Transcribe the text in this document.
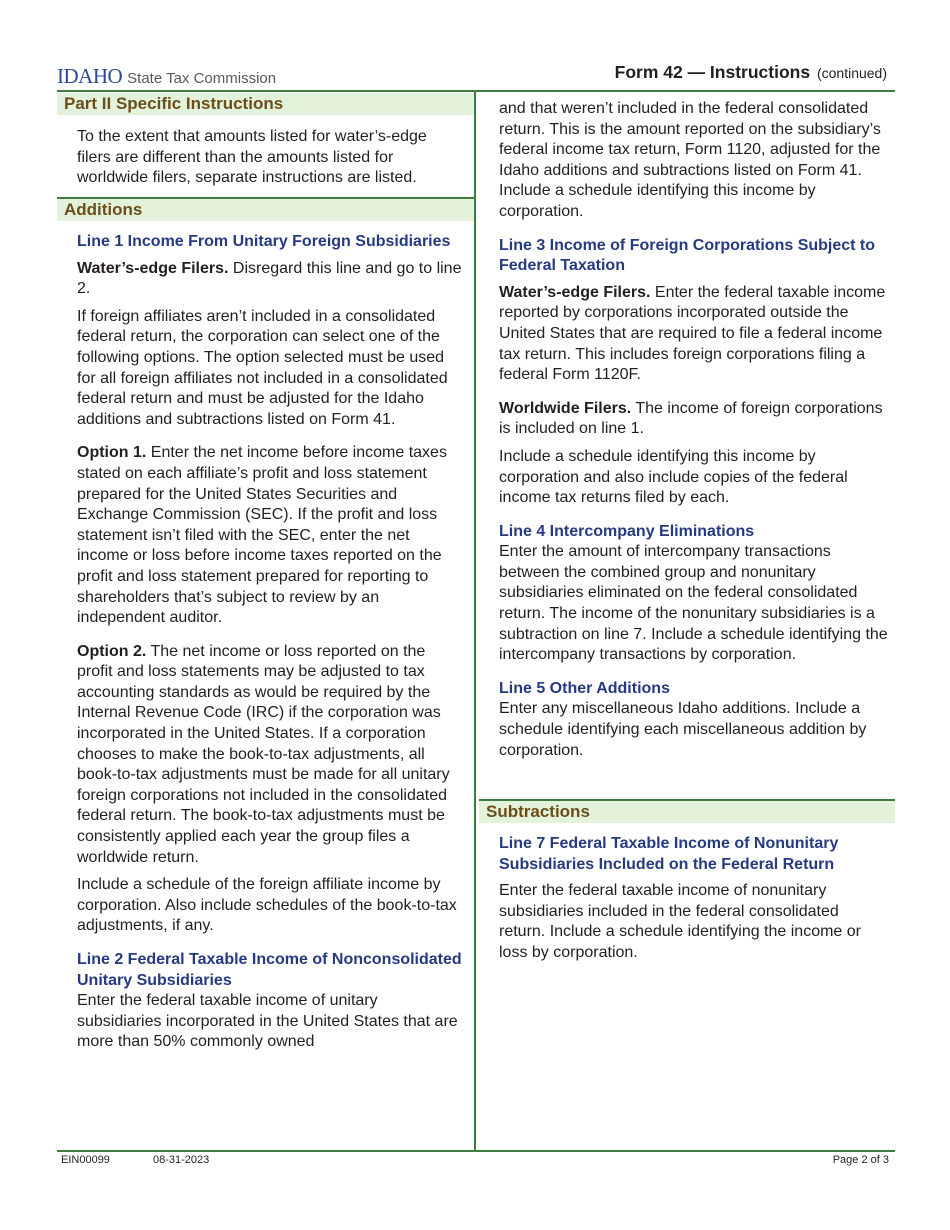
IDAHO State Tax Commission	Form 42 — Instructions (continued)
Part II Specific Instructions

To the extent that amounts listed for water’s-edge filers are different than the amounts listed for worldwide filers, separate instructions are listed.

Additions
Line 1 Income From Unitary Foreign Subsidiaries

Water’s-edge Filers. Disregard this line and go to line 2.

If foreign affiliates aren’t included in a consolidated federal return, the corporation can select one of the following options. The option selected must be used for all foreign affiliates not included in a consolidated federal return and must be adjusted for the Idaho additions and subtractions listed on Form 41.

Option 1. Enter the net income before income taxes stated on each affiliate’s profit and loss statement prepared for the United States Securities and Exchange Commission (SEC). If the profit and loss statement isn’t filed with the SEC, enter the net income or loss before income taxes reported on the profit and loss statement prepared for reporting to shareholders that’s subject to review by an independent auditor.

Option 2. The net income or loss reported on the profit and loss statements may be adjusted to tax accounting standards as would be required by the Internal Revenue Code (IRC) if the corporation was incorporated in the United States. If a corporation chooses to make the book-to-tax adjustments, all book-to-tax adjustments must be made for all unitary foreign corporations not included in the consolidated federal return. The book-to-tax adjustments must be consistently applied each year the group files a worldwide return.

Include a schedule of the foreign affiliate income by corporation. Also include schedules of the book-to-tax adjustments, if any.

Line 2 Federal Taxable Income of Nonconsolidated Unitary Subsidiaries

Enter the federal taxable income of unitary subsidiaries incorporated in the United States that are more than 50% commonly owned

and that weren’t included in the federal consolidated return. This is the amount reported on the subsidiary’s federal income tax return, Form 1120, adjusted for the Idaho additions and subtractions listed on Form 41. Include a schedule identifying this income by corporation.

Line 3 Income of Foreign Corporations Subject to Federal Taxation

Water’s-edge Filers. Enter the federal taxable income reported by corporations incorporated outside the United States that are required to file a federal income tax return. This includes foreign corporations filing a federal Form 1120F.

Worldwide Filers. The income of foreign corporations is included on line 1.

Include a schedule identifying this income by corporation and also include copies of the federal income tax returns filed by each.

Line 4 Intercompany Eliminations

Enter the amount of intercompany transactions between the combined group and nonunitary subsidiaries eliminated on the federal consolidated return. The income of the nonunitary subsidiaries is a subtraction on line 7. Include a schedule identifying the intercompany transactions by corporation.

Line 5 Other Additions

Enter any miscellaneous Idaho additions. Include a schedule identifying each miscellaneous addition by corporation.

Subtractions
Line 7 Federal Taxable Income of Nonunitary Subsidiaries Included on the Federal Return

Enter the federal taxable income of nonunitary subsidiaries included in the federal consolidated return. Include a schedule identifying the income or loss by corporation.

EIN00099	08-31-2023	Page 2 of 3
